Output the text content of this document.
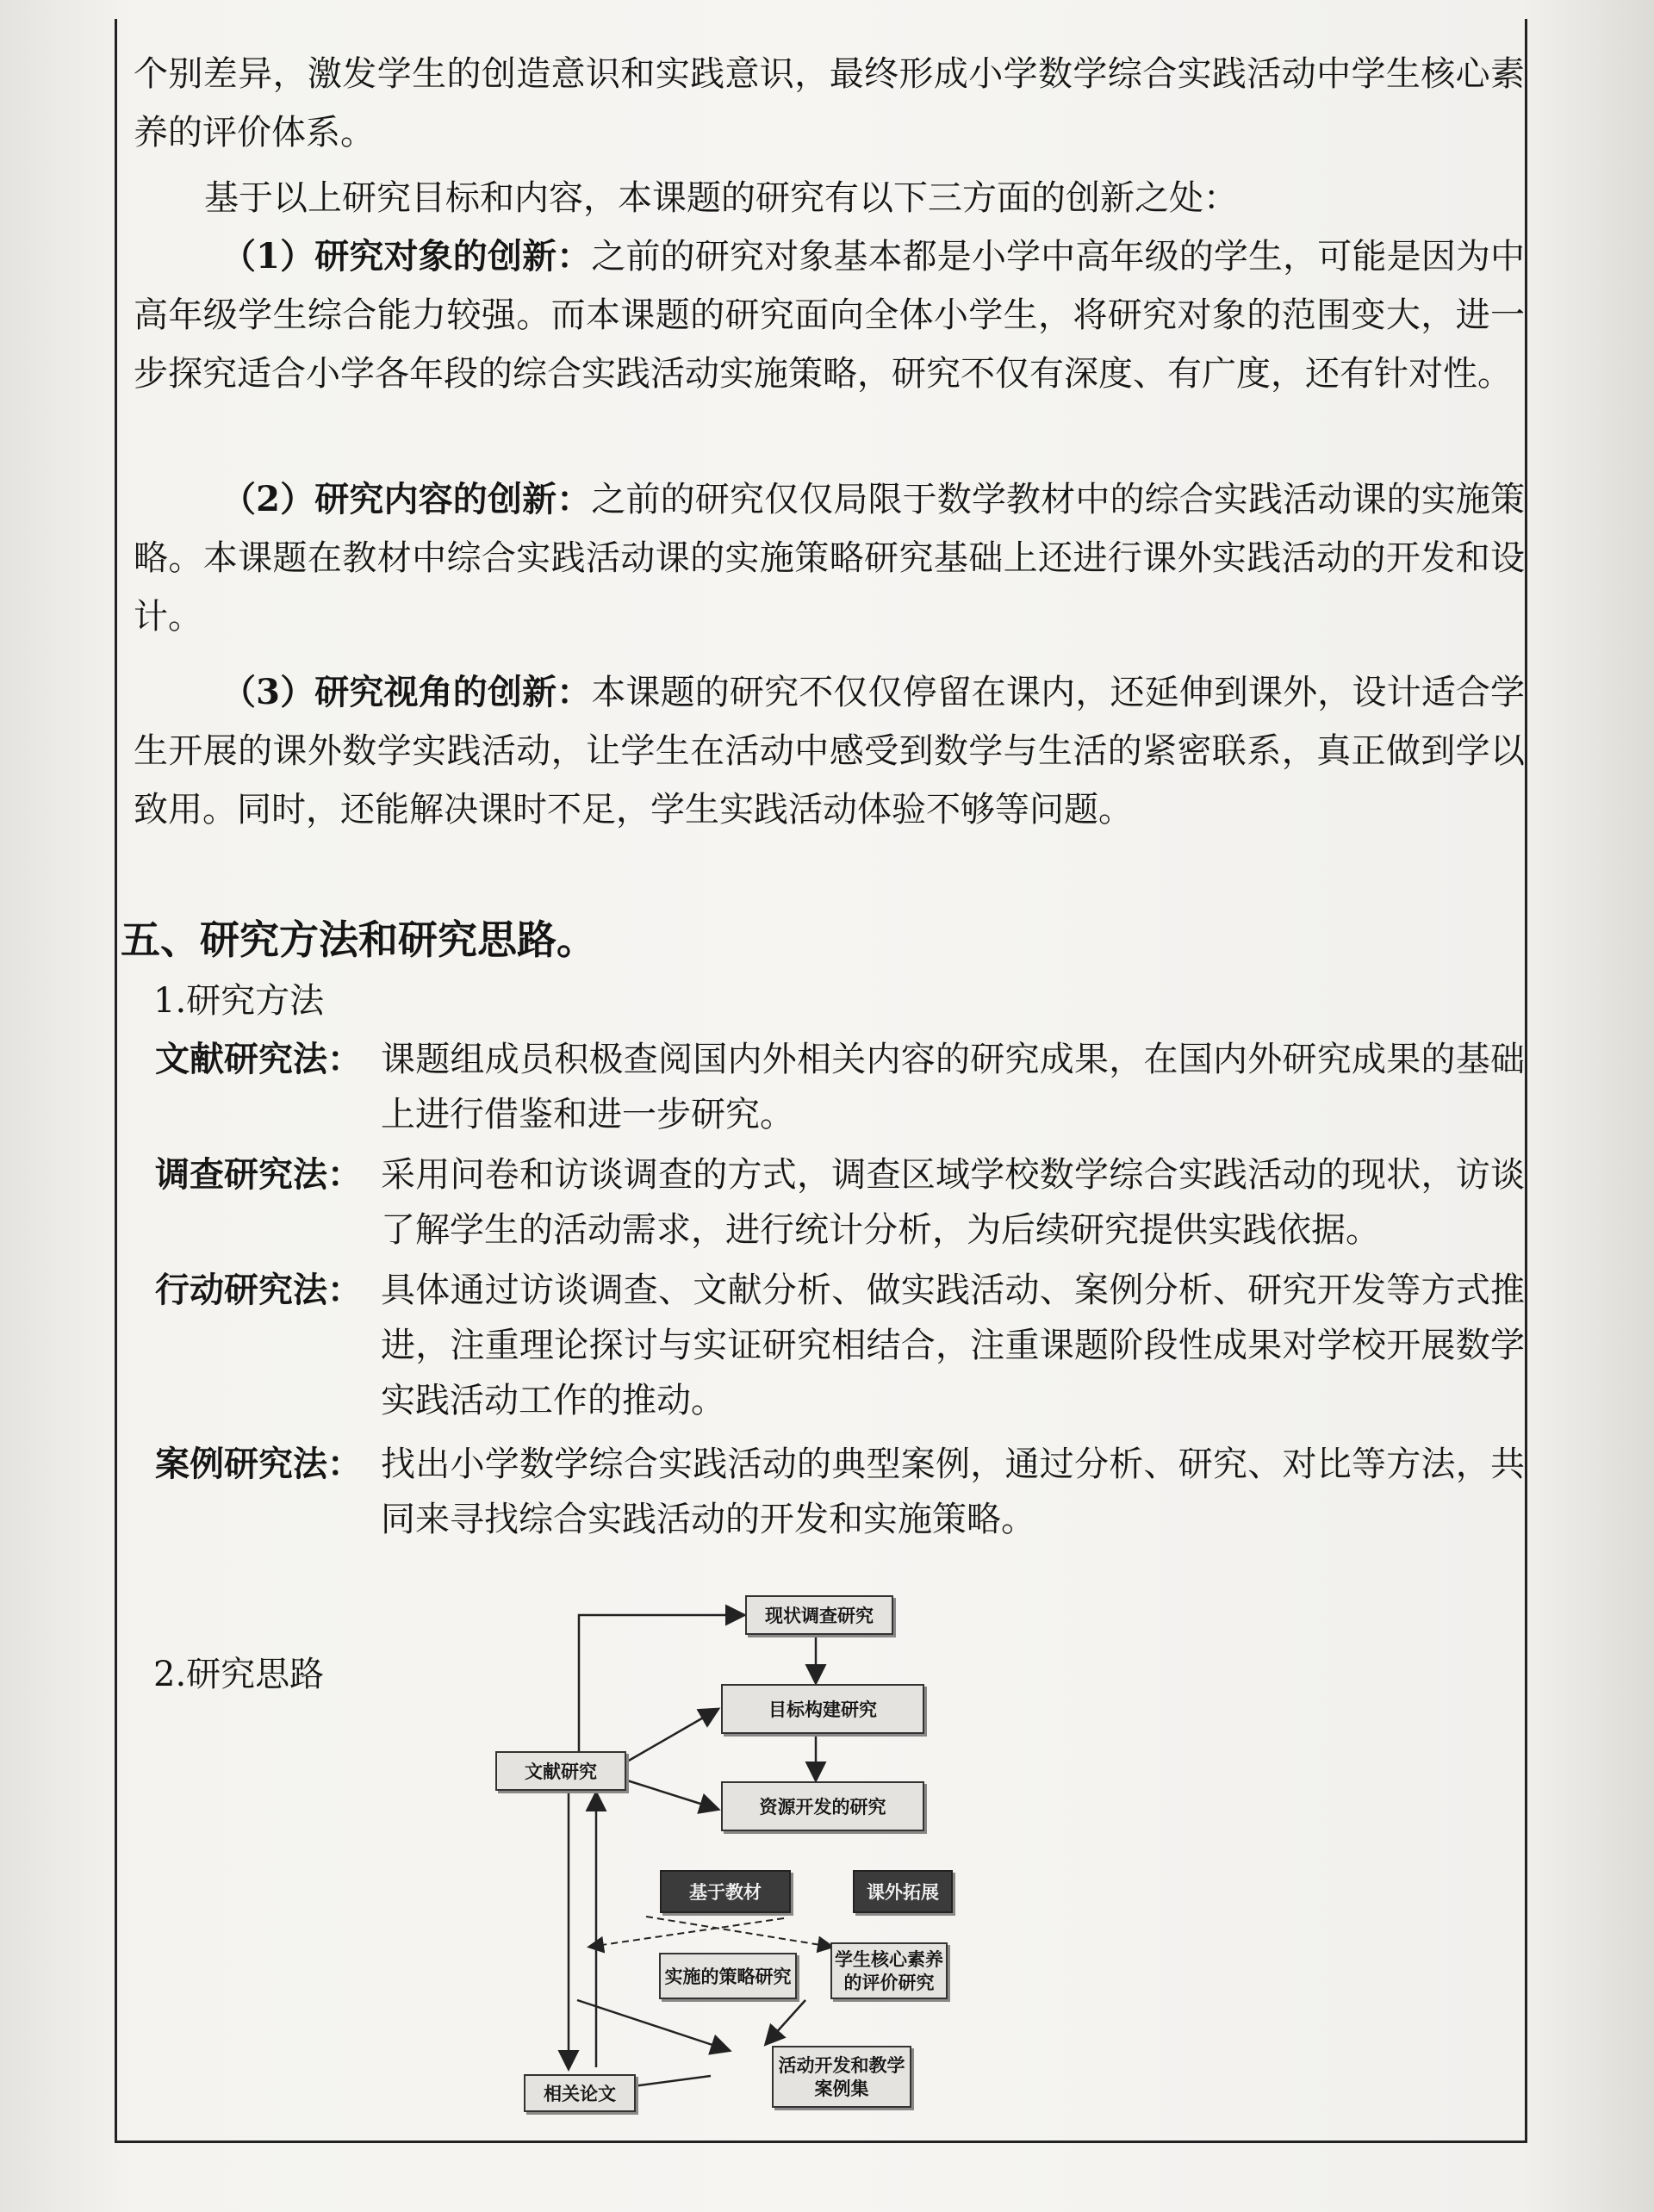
个别差异，激发学生的创造意识和实践意识，最终形成小学数学综合实践活动中学生核心素养的评价体系。

基于以上研究目标和内容，本课题的研究有以下三方面的创新之处：

（1）研究对象的创新：之前的研究对象基本都是小学中高年级的学生，可能是因为中高年级学生综合能力较强。而本课题的研究面向全体小学生，将研究对象的范围变大，进一步探究适合小学各年段的综合实践活动实施策略，研究不仅有深度、有广度，还有针对性。

（2）研究内容的创新：之前的研究仅仅局限于数学教材中的综合实践活动课的实施策略。本课题在教材中综合实践活动课的实施策略研究基础上还进行课外实践活动的开发和设计。

（3）研究视角的创新：本课题的研究不仅仅停留在课内，还延伸到课外，设计适合学生开展的课外数学实践活动，让学生在活动中感受到数学与生活的紧密联系，真正做到学以致用。同时，还能解决课时不足，学生实践活动体验不够等问题。

五、研究方法和研究思路。

1.研究方法

文献研究法： 课题组成员积极查阅国内外相关内容的研究成果，在国内外研究成果的基础上进行借鉴和进一步研究。
调查研究法： 采用问卷和访谈调查的方式，调查区域学校数学综合实践活动的现状，访谈了解学生的活动需求，进行统计分析，为后续研究提供实践依据。
行动研究法： 具体通过访谈调查、文献分析、做实践活动、案例分析、研究开发等方式推进，注重理论探讨与实证研究相结合，注重课题阶段性成果对学校开展数学实践活动工作的推动。
案例研究法： 找出小学数学综合实践活动的典型案例，通过分析、研究、对比等方法，共同来寻找综合实践活动的开发和实施策略。

2.研究思路

现状调查研究
目标构建研究
资源开发的研究
文献研究
基于教材	课外拓展
实施的策略研究
学生核心素养的评价研究
活动开发和教学案例集
相关论文
